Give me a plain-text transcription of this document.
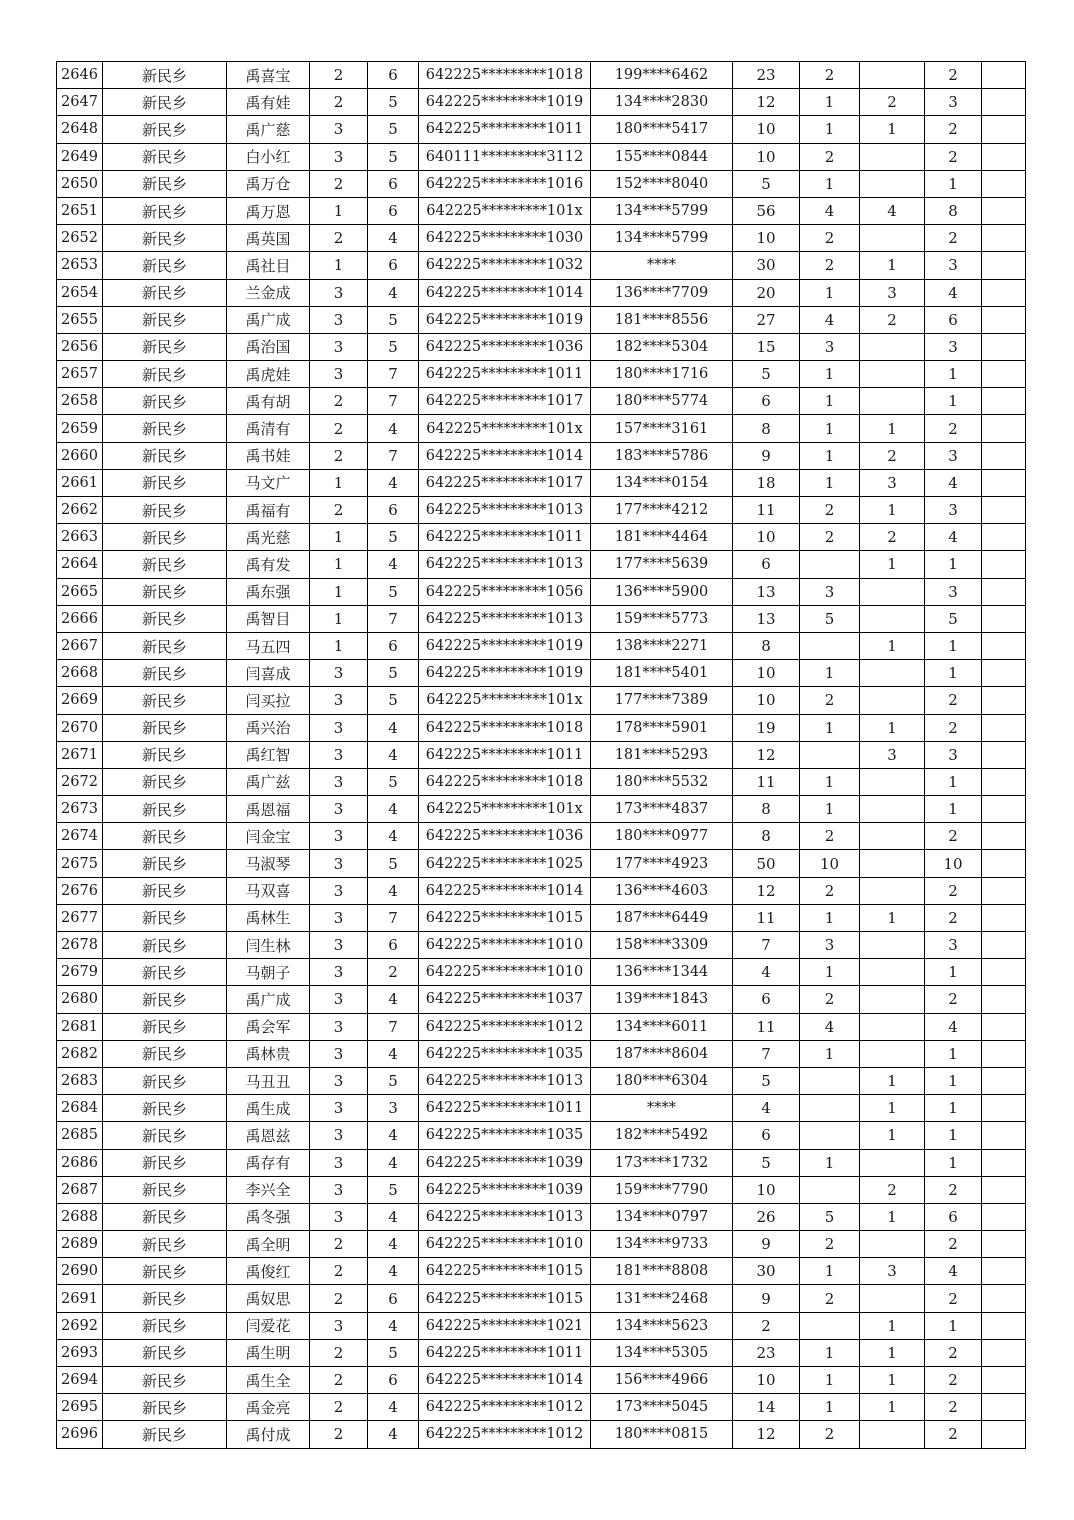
2646	新民乡	禹喜宝	2	6	642225*********1018	199****6462	23	2		2	
2647	新民乡	禹有娃	2	5	642225*********1019	134****2830	12	1	2	3	
2648	新民乡	禹广慈	3	5	642225*********1011	180****5417	10	1	1	2	
2649	新民乡	白小红	3	5	640111*********3112	155****0844	10	2		2	
2650	新民乡	禹万仓	2	6	642225*********1016	152****8040	5	1		1	
2651	新民乡	禹万恩	1	6	642225*********101x	134****5799	56	4	4	8	
2652	新民乡	禹英国	2	4	642225*********1030	134****5799	10	2		2	
2653	新民乡	禹社目	1	6	642225*********1032	****	30	2	1	3	
2654	新民乡	兰金成	3	4	642225*********1014	136****7709	20	1	3	4	
2655	新民乡	禹广成	3	5	642225*********1019	181****8556	27	4	2	6	
2656	新民乡	禹治国	3	5	642225*********1036	182****5304	15	3		3	
2657	新民乡	禹虎娃	3	7	642225*********1011	180****1716	5	1		1	
2658	新民乡	禹有胡	2	7	642225*********1017	180****5774	6	1		1	
2659	新民乡	禹清有	2	4	642225*********101x	157****3161	8	1	1	2	
2660	新民乡	禹书娃	2	7	642225*********1014	183****5786	9	1	2	3	
2661	新民乡	马文广	1	4	642225*********1017	134****0154	18	1	3	4	
2662	新民乡	禹福有	2	6	642225*********1013	177****4212	11	2	1	3	
2663	新民乡	禹光慈	1	5	642225*********1011	181****4464	10	2	2	4	
2664	新民乡	禹有发	1	4	642225*********1013	177****5639	6		1	1	
2665	新民乡	禹东强	1	5	642225*********1056	136****5900	13	3		3	
2666	新民乡	禹智目	1	7	642225*********1013	159****5773	13	5		5	
2667	新民乡	马五四	1	6	642225*********1019	138****2271	8		1	1	
2668	新民乡	闫喜成	3	5	642225*********1019	181****5401	10	1		1	
2669	新民乡	闫买拉	3	5	642225*********101x	177****7389	10	2		2	
2670	新民乡	禹兴治	3	4	642225*********1018	178****5901	19	1	1	2	
2671	新民乡	禹红智	3	4	642225*********1011	181****5293	12		3	3	
2672	新民乡	禹广兹	3	5	642225*********1018	180****5532	11	1		1	
2673	新民乡	禹恩福	3	4	642225*********101x	173****4837	8	1		1	
2674	新民乡	闫金宝	3	4	642225*********1036	180****0977	8	2		2	
2675	新民乡	马淑琴	3	5	642225*********1025	177****4923	50	10		10	
2676	新民乡	马双喜	3	4	642225*********1014	136****4603	12	2		2	
2677	新民乡	禹林生	3	7	642225*********1015	187****6449	11	1	1	2	
2678	新民乡	闫生林	3	6	642225*********1010	158****3309	7	3		3	
2679	新民乡	马朝子	3	2	642225*********1010	136****1344	4	1		1	
2680	新民乡	禹广成	3	4	642225*********1037	139****1843	6	2		2	
2681	新民乡	禹会军	3	7	642225*********1012	134****6011	11	4		4	
2682	新民乡	禹林贵	3	4	642225*********1035	187****8604	7	1		1	
2683	新民乡	马丑丑	3	5	642225*********1013	180****6304	5		1	1	
2684	新民乡	禹生成	3	3	642225*********1011	****	4		1	1	
2685	新民乡	禹恩兹	3	4	642225*********1035	182****5492	6		1	1	
2686	新民乡	禹存有	3	4	642225*********1039	173****1732	5	1		1	
2687	新民乡	李兴全	3	5	642225*********1039	159****7790	10		2	2	
2688	新民乡	禹冬强	3	4	642225*********1013	134****0797	26	5	1	6	
2689	新民乡	禹全明	2	4	642225*********1010	134****9733	9	2		2	
2690	新民乡	禹俊红	2	4	642225*********1015	181****8808	30	1	3	4	
2691	新民乡	禹奴思	2	6	642225*********1015	131****2468	9	2		2	
2692	新民乡	闫爱花	3	4	642225*********1021	134****5623	2		1	1	
2693	新民乡	禹生明	2	5	642225*********1011	134****5305	23	1	1	2	
2694	新民乡	禹生全	2	6	642225*********1014	156****4966	10	1	1	2	
2695	新民乡	禹金亮	2	4	642225*********1012	173****5045	14	1	1	2	
2696	新民乡	禹付成	2	4	642225*********1012	180****0815	12	2		2	
